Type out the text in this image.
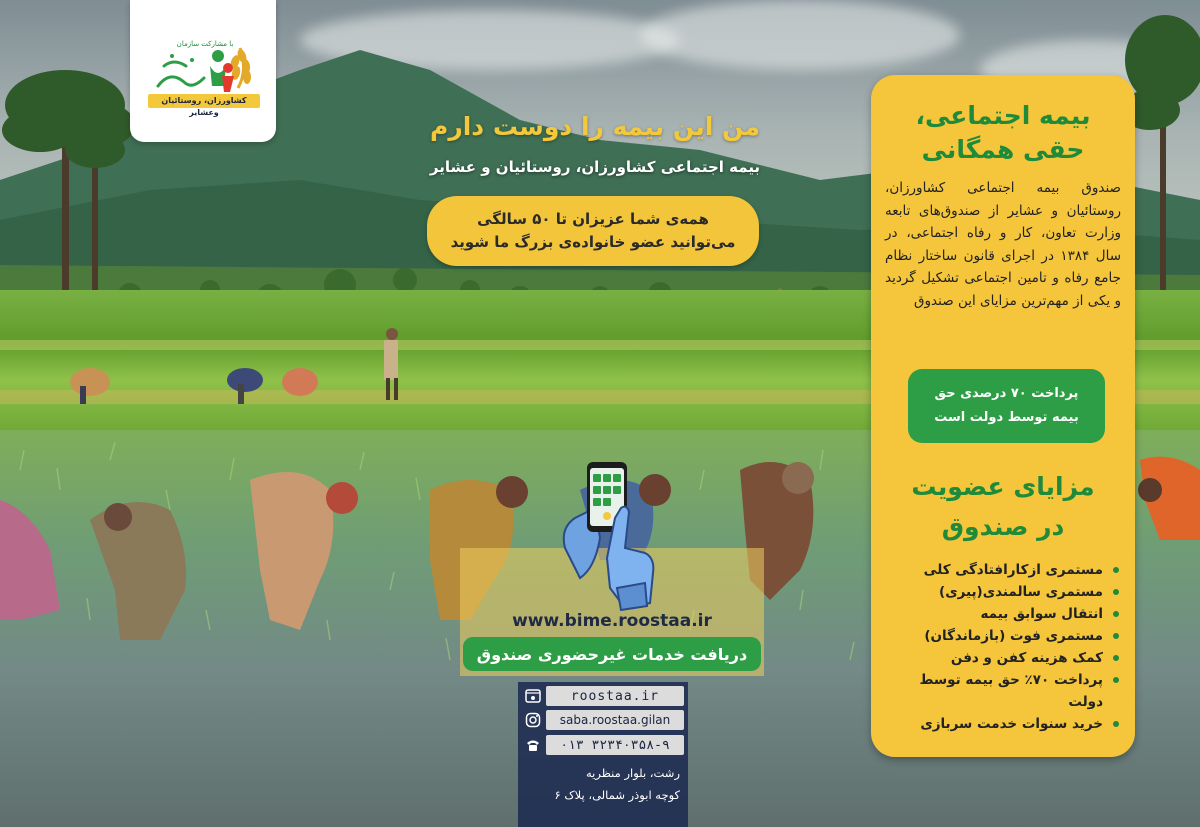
با مشارکت سازمان
کشاورزان، روستائیان وعشایر	من این بیمه را دوست دارم
بیمه اجتماعی کشاورزان، روستائیان و عشایر
همه‌ی شما عزیزان تا ۵۰ سالگی می‌توانید عضو خانواده‌ی بزرگ ما شوید
بیمه اجتماعی،
حقی همگانی
صندوق بیمه اجتماعی کشاورزان، روستائیان و عشایر از صندوق‌های تابعه وزارت تعاون، کار و رفاه اجتماعی، در سال ۱۳۸۴ در اجرای قانون ساختار نظام جامع رفاه و تامین اجتماعی تشکیل گردید و یکی از مهم‌ترین مزایای این صندوق
پرداخت ۷۰ درصدی حق بیمه توسط دولت است
مزایای عضویت
در صندوق
مستمری ازکارافتادگی کلی
مستمری سالمندی(پیری)
انتقال سوابق بیمه
مستمری فوت (بازماندگان)
کمک هزینه کفن و دفن
پرداخت ۷۰٪ حق بیمه توسط دولت
خرید سنوات خدمت سربازی
www.bime.roostaa.ir
دریافت خدمات غیرحضوری صندوق
roostaa.ir
saba.roostaa.gilan
۰۱۳ ۳۲۳۴۰۳۵۸-۹
رشت، بلوار منظریه
کوچه ابوذر شمالی، پلاک ۶
